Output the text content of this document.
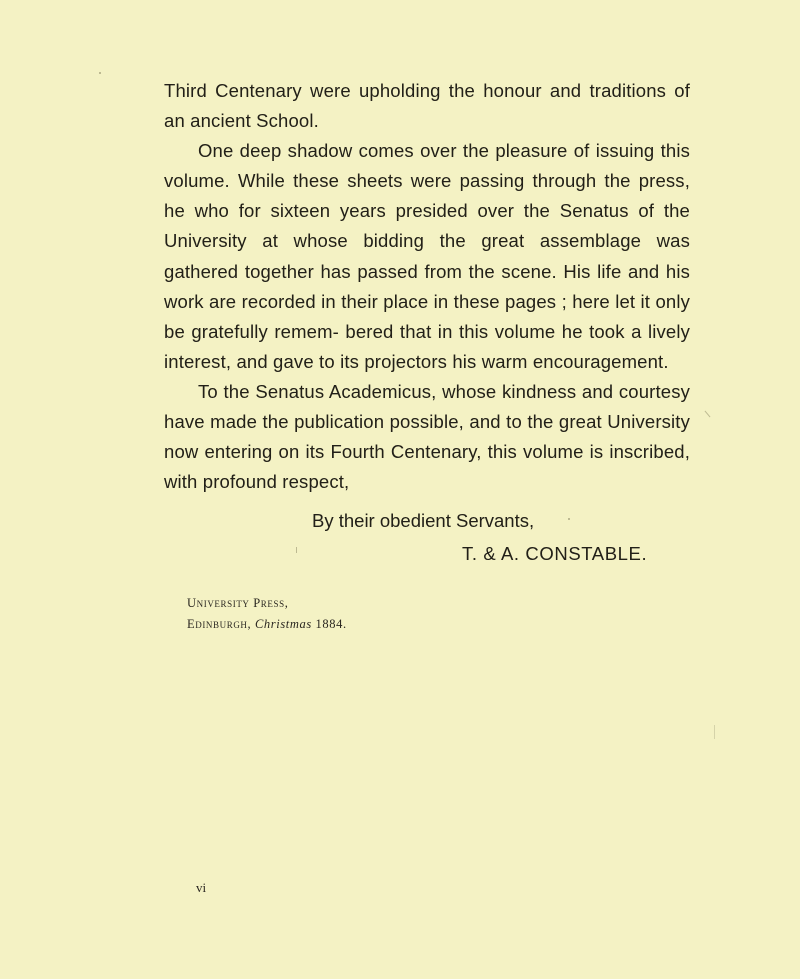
Third Centenary were upholding the honour and traditions of an ancient School.

One deep shadow comes over the pleasure of issuing this volume. While these sheets were passing through the press, he who for sixteen years presided over the Senatus of the University at whose bidding the great assemblage was gathered together has passed from the scene. His life and his work are recorded in their place in these pages ; here let it only be gratefully remem- bered that in this volume he took a lively interest, and gave to its projectors his warm encouragement.

To the Senatus Academicus, whose kindness and courtesy have made the publication possible, and to the great University now entering on its Fourth Centenary, this volume is inscribed, with profound respect,

By their obedient Servants,
T. & A. CONSTABLE.
University Press,
Edinburgh, Christmas 1884.
vi
